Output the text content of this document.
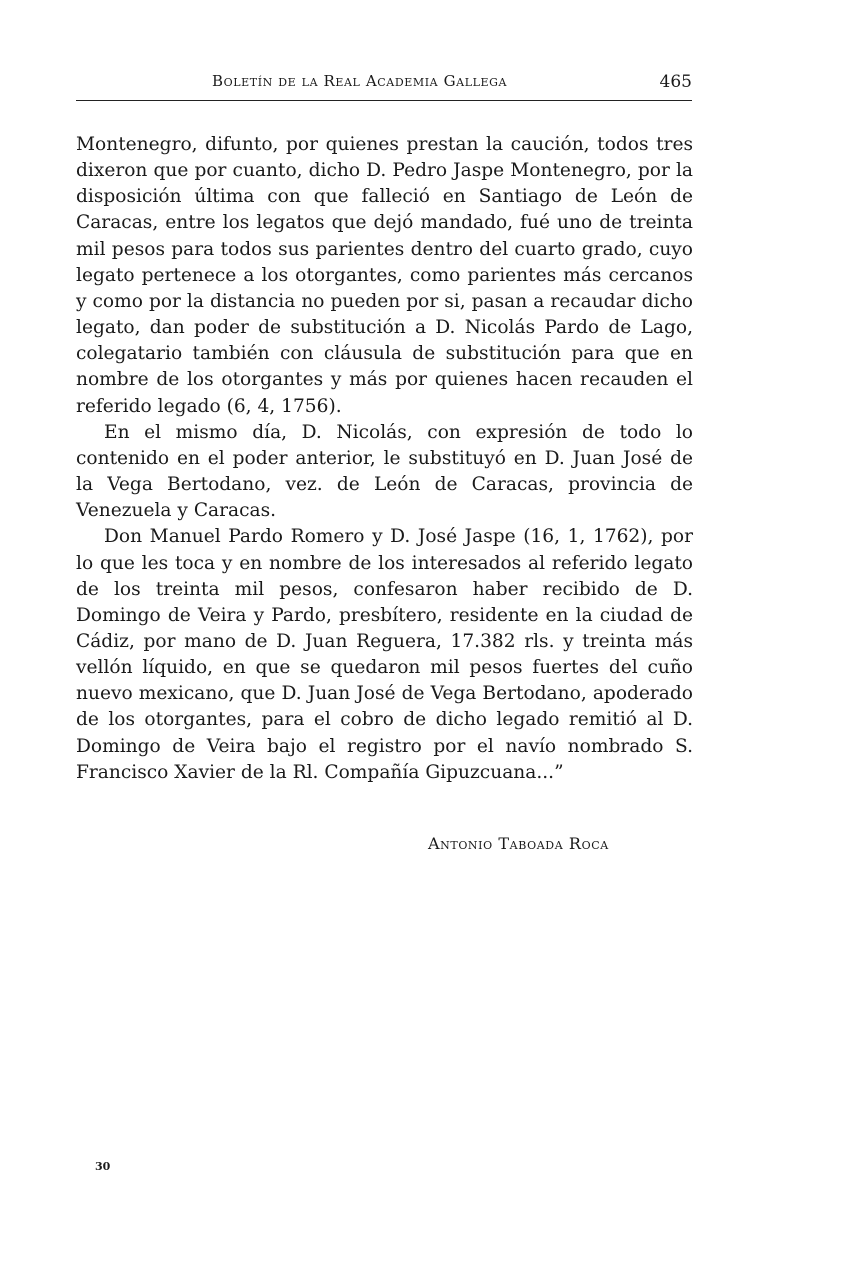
Boletín de la Real Academia Gallega	465

Montenegro, difunto, por quienes prestan la caución, todos tres dixeron que por cuanto, dicho D. Pedro Jaspe Montenegro, por la disposición última con que falleció en Santiago de León de Caracas, entre los legatos que dejó mandado, fué uno de treinta mil pesos para todos sus parientes dentro del cuarto grado, cuyo legato pertenece a los otorgantes, como parientes más cercanos y como por la distancia no pueden por si, pasan a recaudar dicho legato, dan poder de substitución a D. Nicolás Pardo de Lago, colegatario también con cláusula de substitución para que en nombre de los otorgantes y más por quienes hacen recauden el referido legado (6, 4, 1756).

En el mismo día, D. Nicolás, con expresión de todo lo contenido en el poder anterior, le substituyó en D. Juan José de la Vega Bertodano, vez. de León de Caracas, provincia de Venezuela y Caracas.

Don Manuel Pardo Romero y D. José Jaspe (16, 1, 1762), por lo que les toca y en nombre de los interesados al referido legato de los treinta mil pesos, confesaron haber recibido de D. Domingo de Veira y Pardo, presbítero, residente en la ciudad de Cádiz, por mano de D. Juan Reguera, 17.382 rls. y treinta más vellón líquido, en que se quedaron mil pesos fuertes del cuño nuevo mexicano, que D. Juan José de Vega Bertodano, apoderado de los otorgantes, para el cobro de dicho legado remitió al D. Domingo de Veira bajo el registro por el navío nombrado S. Francisco Xavier de la Rl. Compañía Gipuzcuana...”

Antonio Taboada Roca
30
